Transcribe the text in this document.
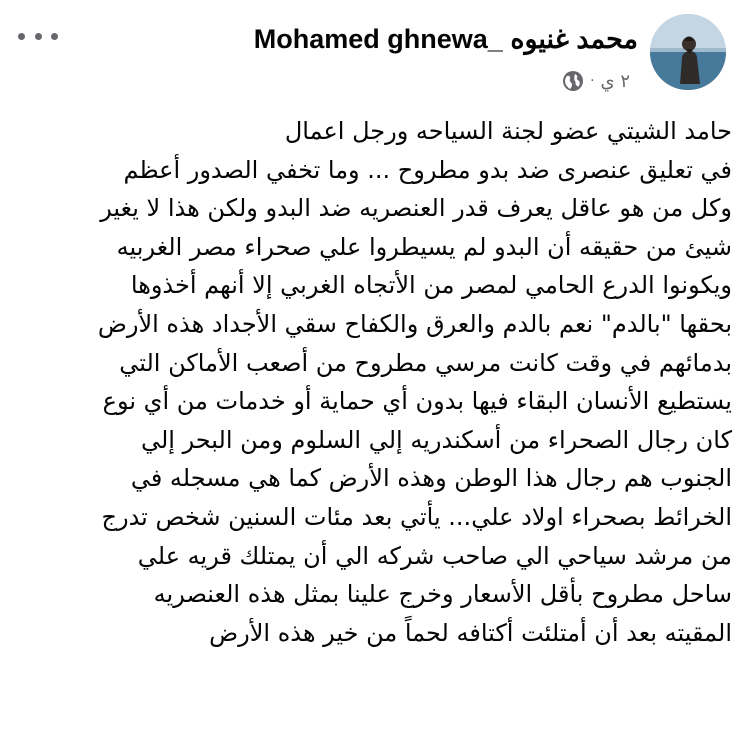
Mohamed ghnewa_ محمد غنيوه
٢ ي
·
حامد الشيتي عضو لجنة السياحه ورجل اعمال
في تعليق عنصرى ضد بدو مطروح ... وما تخفي الصدور أعظم
وكل من هو عاقل يعرف قدر العنصريه ضد البدو ولكن هذا لا يغير
شيئ من حقيقه أن البدو لم يسيطروا علي صحراء مصر الغربيه
ويكونوا الدرع الحامي لمصر من الأتجاه الغربي إلا أنهم أخذوها
بحقها "بالدم" نعم بالدم والعرق والكفاح سقي الأجداد هذه الأرض
بدمائهم في وقت كانت مرسي مطروح من أصعب الأماكن التي
يستطيع الأنسان البقاء فيها بدون أي حماية أو خدمات من أي نوع
كان رجال الصحراء من أسكندريه إلي السلوم ومن البحر إلي
الجنوب هم رجال هذا الوطن وهذه الأرض كما هي مسجله في
الخرائط بصحراء اولاد علي... يأتي بعد مئات السنين شخص تدرج
من مرشد سياحي الي صاحب شركه الي أن يمتلك قريه علي
ساحل مطروح بأقل الأسعار وخرج علينا بمثل هذه العنصريه
المقيته بعد أن أمتلئت أكتافه لحماً من خير هذه الأرض
